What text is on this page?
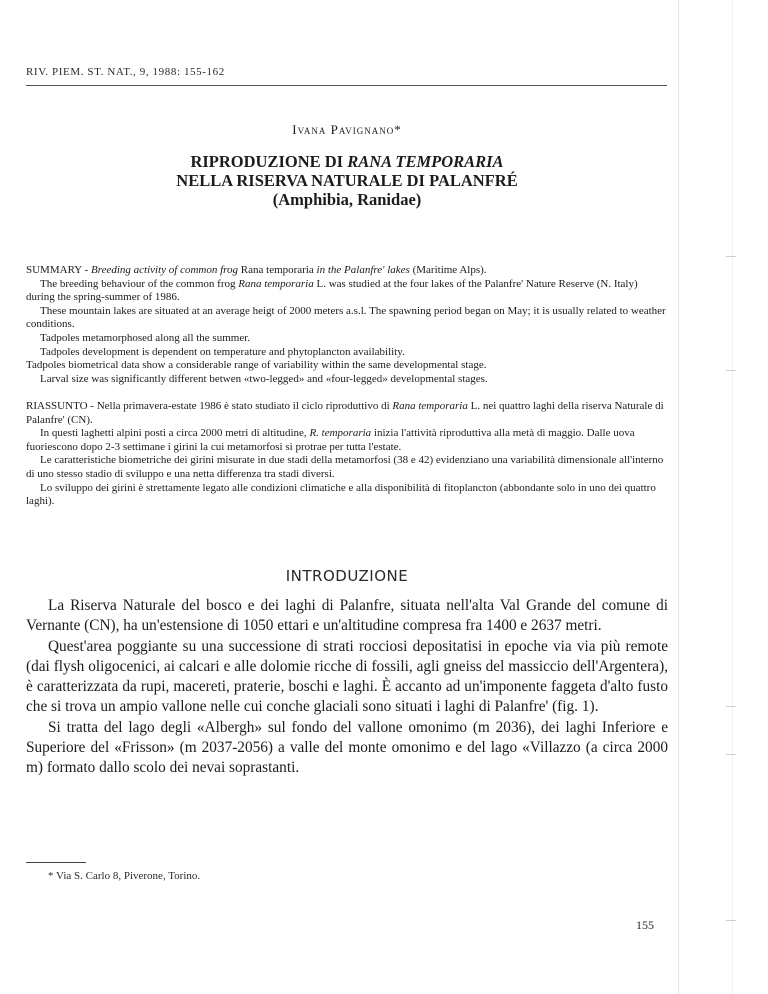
RIV. PIEM. ST. NAT., 9, 1988: 155-162
Ivana Pavignano*
RIPRODUZIONE DI RANA TEMPORARIA
NELLA RISERVA NATURALE DI PALANFRÉ
(Amphibia, Ranidae)

SUMMARY - Breeding activity of common frog Rana temporaria in the Palanfre' lakes (Maritime Alps).

The breeding behaviour of the common frog Rana temporaria L. was studied at the four lakes of the Palanfre' Nature Reserve (N. Italy) during the spring-summer of 1986.

These mountain lakes are situated at an average heigt of 2000 meters a.s.l. The spawning period began on May; it is usually related to weather conditions.

Tadpoles metamorphosed along all the summer.

Tadpoles development is dependent on temperature and phytoplancton availability.

Tadpoles biometrical data show a considerable range of variability within the same developmental stage.

Larval size was significantly different betwen «two-legged» and «four-legged» developmental stages.

RIASSUNTO - Nella primavera-estate 1986 è stato studiato il ciclo riproduttivo di Rana temporaria L. nei quattro laghi della riserva Naturale di Palanfre' (CN).

In questi laghetti alpini posti a circa 2000 metri di altitudine, R. temporaria inizia l'attività riproduttiva alla metà di maggio. Dalle uova fuoriescono dopo 2-3 settimane i girini la cui metamorfosi si protrae per tutta l'estate.

Le caratteristiche biometriche dei girini misurate in due stadi della metamorfosi (38 e 42) evidenziano una variabilità dimensionale all'interno di uno stesso stadio di sviluppo e una netta differenza tra stadi diversi.

Lo sviluppo dei girini è strettamente legato alle condizioni climatiche e alla disponibilità di fitoplancton (abbondante solo in uno dei quattro laghi).

INTRODUZIONE

La Riserva Naturale del bosco e dei laghi di Palanfre, situata nell'alta Val Grande del comune di Vernante (CN), ha un'estensione di 1050 ettari e un'altitudine compresa fra 1400 e 2637 metri.

Quest'area poggiante su una successione di strati rocciosi depositatisi in epoche via via più remote (dai flysh oligocenici, ai calcari e alle dolomie ricche di fossili, agli gneiss del massiccio dell'Argentera), è caratterizzata da rupi, macereti, praterie, boschi e laghi. È accanto ad un'imponente faggeta d'alto fusto che si trova un ampio vallone nelle cui conche glaciali sono situati i laghi di Palanfre' (fig. 1).

Si tratta del lago degli «Albergh» sul fondo del vallone omonimo (m 2036), dei laghi Inferiore e Superiore del «Frisson» (m 2037-2056) a valle del monte omonimo e del lago «Villazzo (a circa 2000 m) formato dallo scolo dei nevai soprastanti.

* Via S. Carlo 8, Piverone, Torino.
155
